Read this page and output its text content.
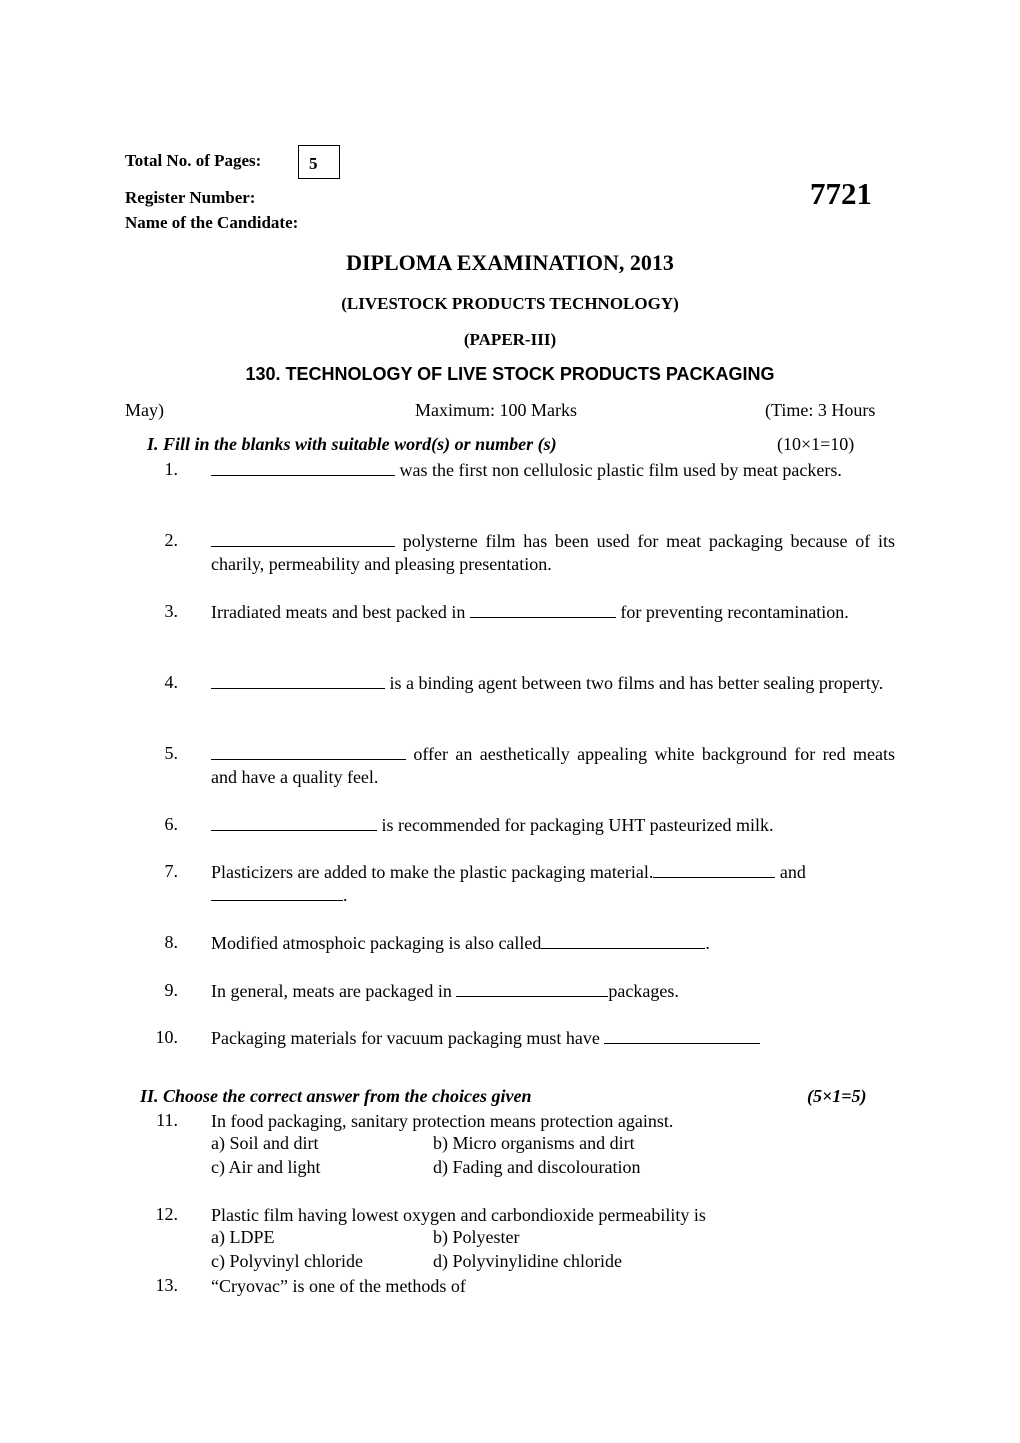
Total No. of Pages:	5
Register Number:	7721
Name of the Candidate:
DIPLOMA EXAMINATION, 2013
(LIVESTOCK PRODUCTS TECHNOLOGY)
(PAPER-III)
130. TECHNOLOGY OF LIVE STOCK PRODUCTS PACKAGING
May)	Maximum: 100 Marks	(Time: 3 Hours
I. Fill in the blanks with suitable word(s) or number (s)	(10×1=10)
1.	was the first non cellulosic plastic film used by meat packers.
2.	polysterne film has been used for meat packaging because of its charily, permeability and pleasing presentation.
3. Irradiated meats and best packed in	for preventing recontamination.
4.	is a binding agent between two films and has better sealing property.
5.	offer an aesthetically appealing white background for red meats and have a quality feel.
6.	is recommended for packaging UHT pasteurized milk.
7. Plasticizers are added to make the plastic packaging material.	and
.
8. Modified atmosphoic packaging is also called	.
9. In general, meats are packaged in	packages.
10. Packaging materials for vacuum packaging must have
II. Choose the correct answer from the choices given	(5×1=5)
11. In food packaging, sanitary protection means protection against.
a) Soil and dirt	b) Micro organisms and dirt
c) Air and light	d) Fading and discolouration
12. Plastic film having lowest oxygen and carbondioxide permeability is
a) LDPE	b) Polyester
c) Polyvinyl chloride	d) Polyvinylidine chloride
13. “Cryovac” is one of the methods of
